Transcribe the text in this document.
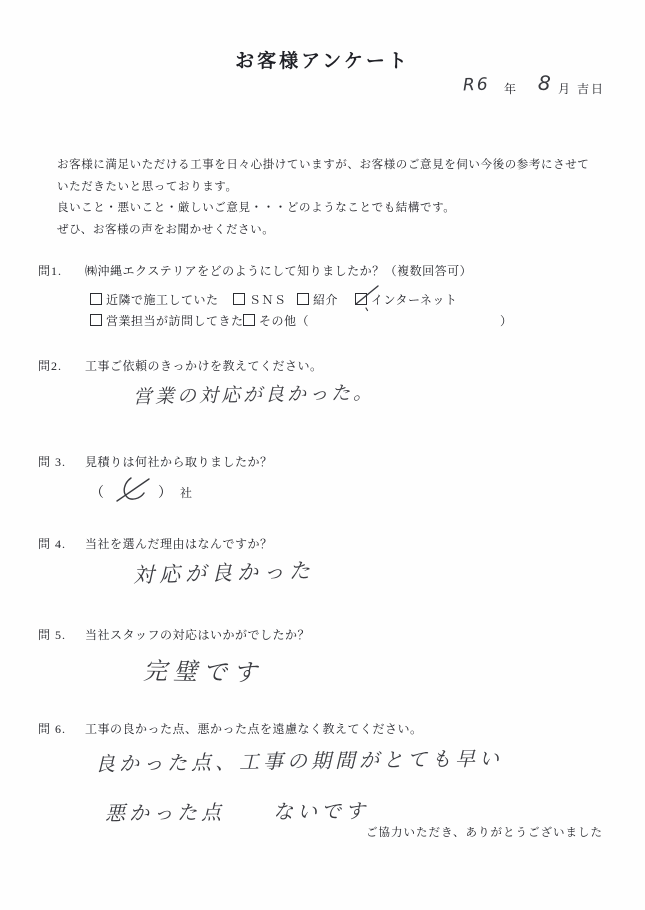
お客様アンケート
R6 年 8 月 吉日
お客様に満足いただける工事を日々心掛けていますが、お客様のご意見を伺い今後の参考にさせて
いただきたいと思っております。
良いこと・悪いこと・厳しいご意見・・・どのようなことでも結構です。
ぜひ、お客様の声をお聞かせください。
問1. ㈱沖縄エクステリアをどのようにして知りましたか？（複数回答可）
近隣で施工していた	ＳＮＳ	紹介	インターネット
営業担当が訪問してきた	その他（	）
問2. 工事ご依頼のきっかけを教えてください。
営業の対応が良かった。
問 3. 見積りは何社から取りましたか？
（	） 社
問 4. 当社を選んだ理由はなんですか？
対応が良かった
問 5. 当社スタッフの対応はいかがでしたか？
完璧です
問 6. 工事の良かった点、悪かった点を遠慮なく教えてください。
良かった点、工事の期間がとても早い
悪かった点　　ないです
ご協力いただき、ありがとうございました
